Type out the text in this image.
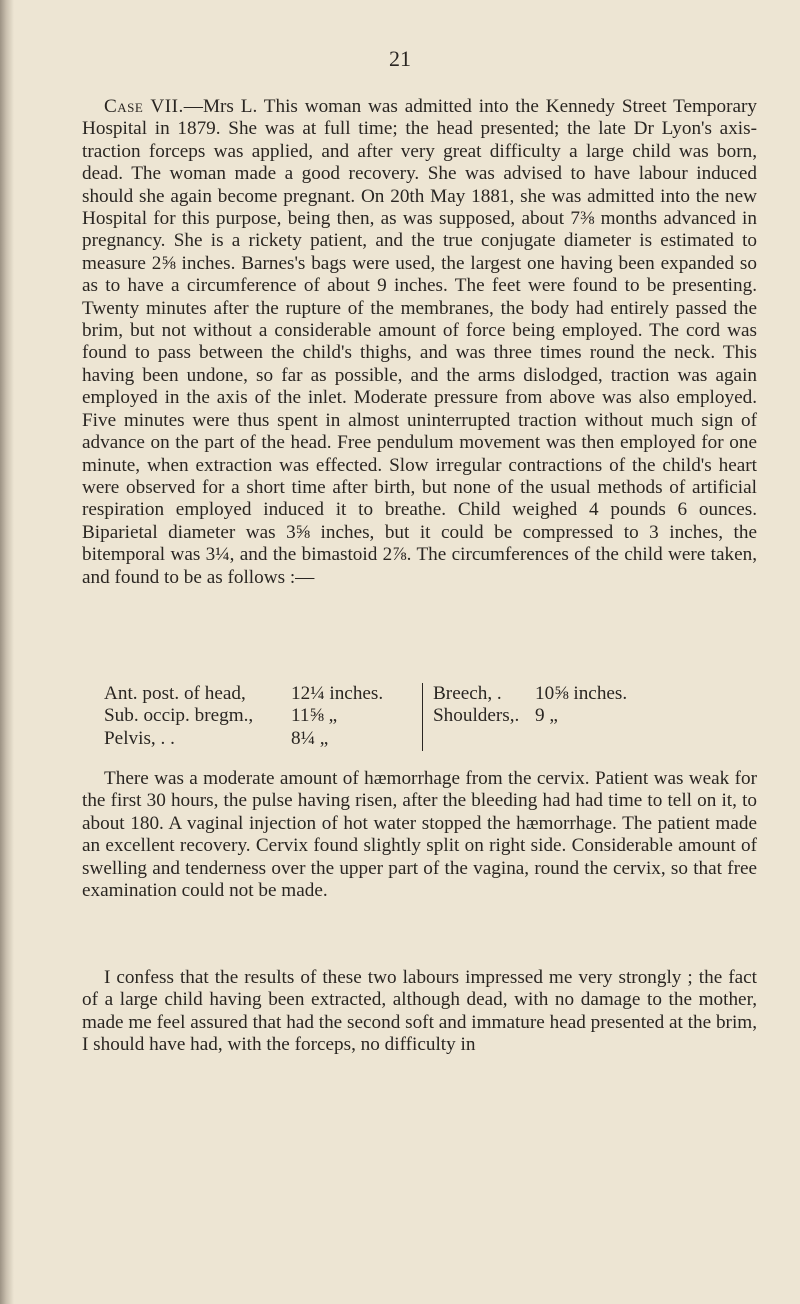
21
Case VII.—Mrs L. This woman was admitted into the Kennedy Street Temporary Hospital in 1879. She was at full time; the head presented; the late Dr Lyon's axis-traction forceps was applied, and after very great difficulty a large child was born, dead. The woman made a good recovery. She was advised to have labour induced should she again become pregnant. On 20th May 1881, she was admitted into the new Hospital for this purpose, being then, as was supposed, about 7⅜ months advanced in pregnancy. She is a rickety patient, and the true conjugate diameter is estimated to measure 2⅝ inches. Barnes's bags were used, the largest one having been expanded so as to have a circumference of about 9 inches. The feet were found to be presenting. Twenty minutes after the rupture of the membranes, the body had entirely passed the brim, but not without a considerable amount of force being employed. The cord was found to pass between the child's thighs, and was three times round the neck. This having been undone, so far as possible, and the arms dislodged, traction was again employed in the axis of the inlet. Moderate pressure from above was also employed. Five minutes were thus spent in almost uninterrupted traction without much sign of advance on the part of the head. Free pendulum movement was then employed for one minute, when extraction was effected. Slow irregular contractions of the child's heart were observed for a short time after birth, but none of the usual methods of artificial respiration employed induced it to breathe. Child weighed 4 pounds 6 ounces. Biparietal diameter was 3⅝ inches, but it could be compressed to 3 inches, the bitemporal was 3¼, and the bimastoid 2⅞. The circumferences of the child were taken, and found to be as follows :—
Ant. post. of head, 12¼ inches.
Sub. occip. bregm., 11⅝ „
Pelvis, . .	8¼ „
Breech, . 10⅝ inches.
Shoulders,. 9 „
There was a moderate amount of hæmorrhage from the cervix. Patient was weak for the first 30 hours, the pulse having risen, after the bleeding had had time to tell on it, to about 180. A vaginal injection of hot water stopped the hæmorrhage. The patient made an excellent recovery. Cervix found slightly split on right side. Considerable amount of swelling and tenderness over the upper part of the vagina, round the cervix, so that free examination could not be made.
I confess that the results of these two labours impressed me very strongly ; the fact of a large child having been extracted, although dead, with no damage to the mother, made me feel assured that had the second soft and immature head presented at the brim, I should have had, with the forceps, no difficulty in
